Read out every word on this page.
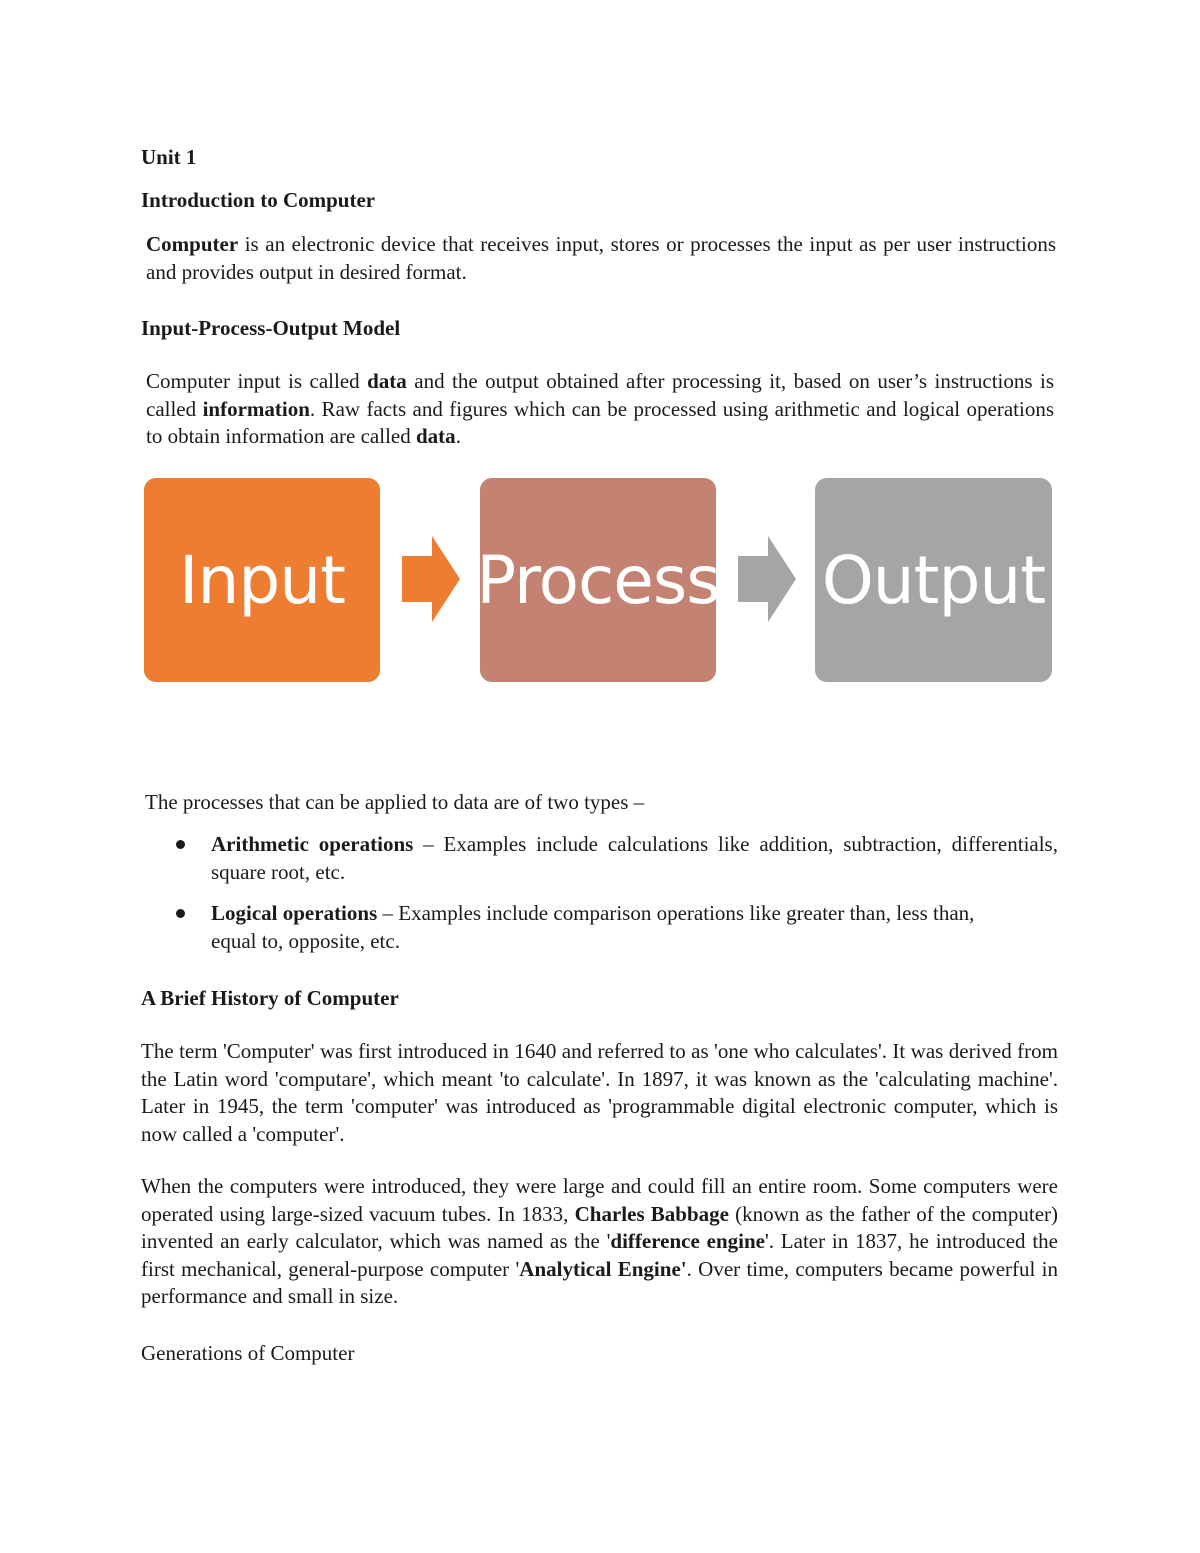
Unit 1
Introduction to Computer

Computer is an electronic device that receives input, stores or processes the input as per user instructions and provides output in desired format.

Input-Process-Output Model

Computer input is called data and the output obtained after processing it, based on user’s instructions is called information. Raw facts and figures which can be processed using arithmetic and logical operations to obtain information are called data.

Input	Process Output

The processes that can be applied to data are of two types –

Arithmetic operations – Examples include calculations like addition, subtraction, differentials, square root, etc.
Logical operations – Examples include comparison operations like greater than, less than, equal to, opposite, etc.
A Brief History of Computer

The term 'Computer' was first introduced in 1640 and referred to as 'one who calculates'. It was derived from the Latin word 'computare', which meant 'to calculate'. In 1897, it was known as the 'calculating machine'. Later in 1945, the term 'computer' was introduced as 'programmable digital electronic computer, which is now called a 'computer'.

When the computers were introduced, they were large and could fill an entire room. Some computers were operated using large-sized vacuum tubes. In 1833, Charles Babbage (known as the father of the computer) invented an early calculator, which was named as the 'difference engine'. Later in 1837, he introduced the first mechanical, general-purpose computer 'Analytical Engine'. Over time, computers became powerful in performance and small in size.

Generations of Computer
